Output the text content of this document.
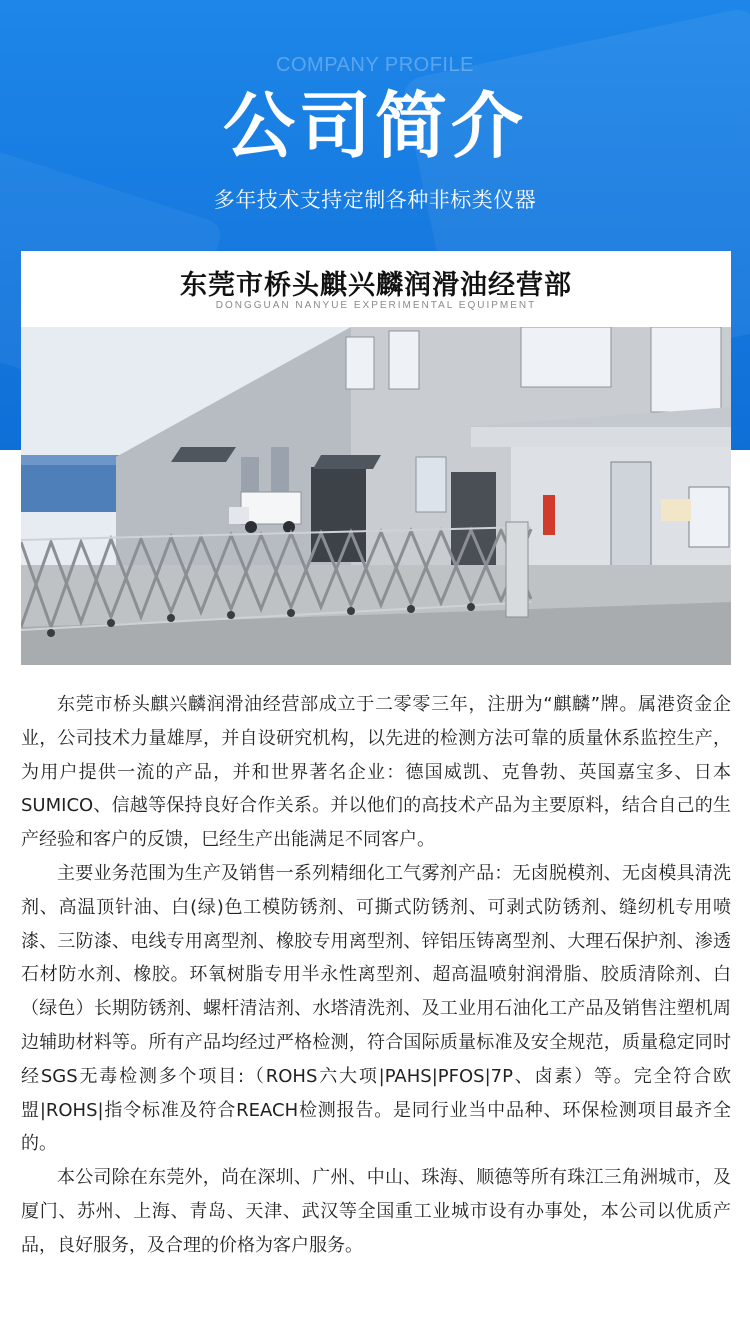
COMPANY PROFILE
公司简介
多年技术支持定制各种非标类仪器
东莞市桥头麒兴麟润滑油经营部
DONGGUAN NANYUE EXPERIMENTAL EQUIPMENT

东莞市桥头麒兴麟润滑油经营部成立于二零零三年，注册为“麒麟”牌。属港资金企业，公司技术力量雄厚，并自设研究机构，以先进的检测方法可靠的质量休系监控生产，为用户提供一流的产品，并和世界著名企业：德国威凯、克鲁勃、英国嘉宝多、日本SUMICO、信越等保持良好合作关系。并以他们的高技术产品为主要原料，结合自己的生产经验和客户的反馈，巳经生产出能满足不同客户。

主要业务范围为生产及销售一系列精细化工气雾剂产品：无卤脱模剂、无卤模具清洗剂、高温顶针油、白(绿)色工模防锈剂、可撕式防锈剂、可剥式防锈剂、缝纫机专用喷漆、三防漆、电线专用离型剂、橡胶专用离型剂、锌铝压铸离型剂、大理石保护剂、渗透石材防水剂、橡胶。环氧树脂专用半永性离型剂、超高温喷射润滑脂、胶质清除剂、白（绿色）长期防锈剂、螺杆清洁剂、水塔清洗剂、及工业用石油化工产品及销售注塑机周边辅助材料等。所有产品均经过严格检测，符合国际质量标准及安全规范，质量稳定同时经SGS无毒检测多个项目:（ROHS六大项|PAHS|PFOS|7P、卤素）等。完全符合欧盟|ROHS|指令标准及符合REACH检测报告。是同行业当中品种、环保检测项目最齐全的。

本公司除在东莞外，尚在深圳、广州、中山、珠海、顺德等所有珠江三角洲城市，及厦门、苏州、上海、青岛、天津、武汉等全国重工业城市设有办事处，本公司以优质产品，良好服务，及合理的价格为客户服务。
